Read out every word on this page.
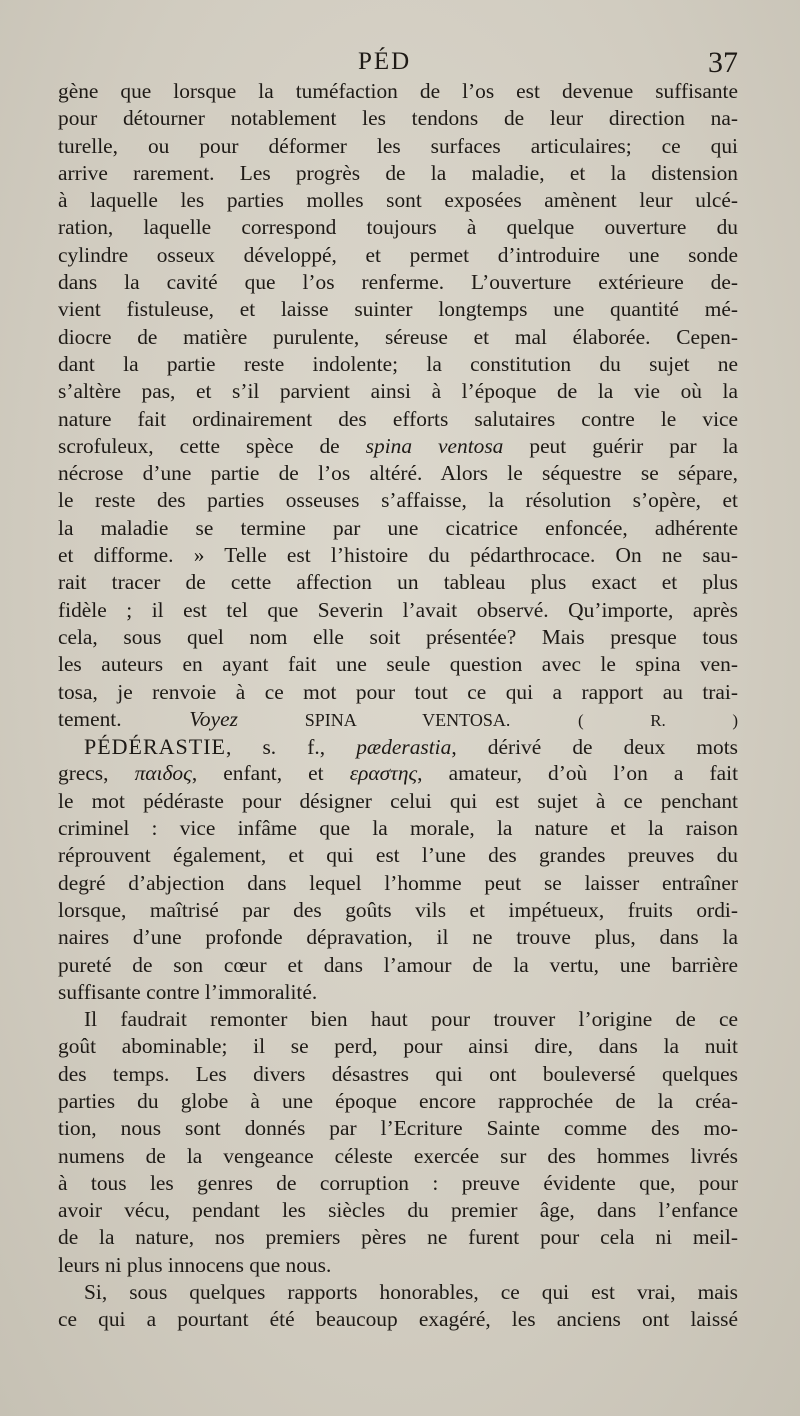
PÉD	37
gène que lorsque la tuméfaction de l’os est devenue suffisante
pour détourner notablement les tendons de leur direction na-
turelle, ou pour déformer les surfaces articulaires; ce qui
arrive rarement. Les progrès de la maladie, et la distension
à laquelle les parties molles sont exposées amènent leur ulcé-
ration, laquelle correspond toujours à quelque ouverture du
cylindre osseux développé, et permet d’introduire une sonde
dans la cavité que l’os renferme. L’ouverture extérieure de-
vient fistuleuse, et laisse suinter longtemps une quantité mé-
diocre de matière purulente, séreuse et mal élaborée. Cepen-
dant la partie reste indolente; la constitution du sujet ne
s’altère pas, et s’il parvient ainsi à l’époque de la vie où la
nature fait ordinairement des efforts salutaires contre le vice
scrofuleux, cette spèce de spina ventosa peut guérir par la
nécrose d’une partie de l’os altéré. Alors le séquestre se sépare,
le reste des parties osseuses s’affaisse, la résolution s’opère, et
la maladie se termine par une cicatrice enfoncée, adhérente
et difforme. » Telle est l’histoire du pédarthrocace. On ne sau-
rait tracer de cette affection un tableau plus exact et plus
fidèle ; il est tel que Severin l’avait observé. Qu’importe, après
cela, sous quel nom elle soit présentée? Mais presque tous
les auteurs en ayant fait une seule question avec le spina ven-
tosa, je renvoie à ce mot pour tout ce qui a rapport au trai-
tement. Voyez SPINA VENTOSA.	( R. )
PÉDÉRASTIE, s. f., pæderastia, dérivé de deux mots
grecs, παιδος, enfant, et εραστης, amateur, d’où l’on a fait
le mot pédéraste pour désigner celui qui est sujet à ce penchant
criminel : vice infâme que la morale, la nature et la raison
réprouvent également, et qui est l’une des grandes preuves du
degré d’abjection dans lequel l’homme peut se laisser entraîner
lorsque, maîtrisé par des goûts vils et impétueux, fruits ordi-
naires d’une profonde dépravation, il ne trouve plus, dans la
pureté de son cœur et dans l’amour de la vertu, une barrière
suffisante contre l’immoralité.
Il faudrait remonter bien haut pour trouver l’origine de ce
goût abominable; il se perd, pour ainsi dire, dans la nuit
des temps. Les divers désastres qui ont bouleversé quelques
parties du globe à une époque encore rapprochée de la créa-
tion, nous sont donnés par l’Ecriture Sainte comme des mo-
numens de la vengeance céleste exercée sur des hommes livrés
à tous les genres de corruption : preuve évidente que, pour
avoir vécu, pendant les siècles du premier âge, dans l’enfance
de la nature, nos premiers pères ne furent pour cela ni meil-
leurs ni plus innocens que nous.
Si, sous quelques rapports honorables, ce qui est vrai, mais
ce qui a pourtant été beaucoup exagéré, les anciens ont laissé
